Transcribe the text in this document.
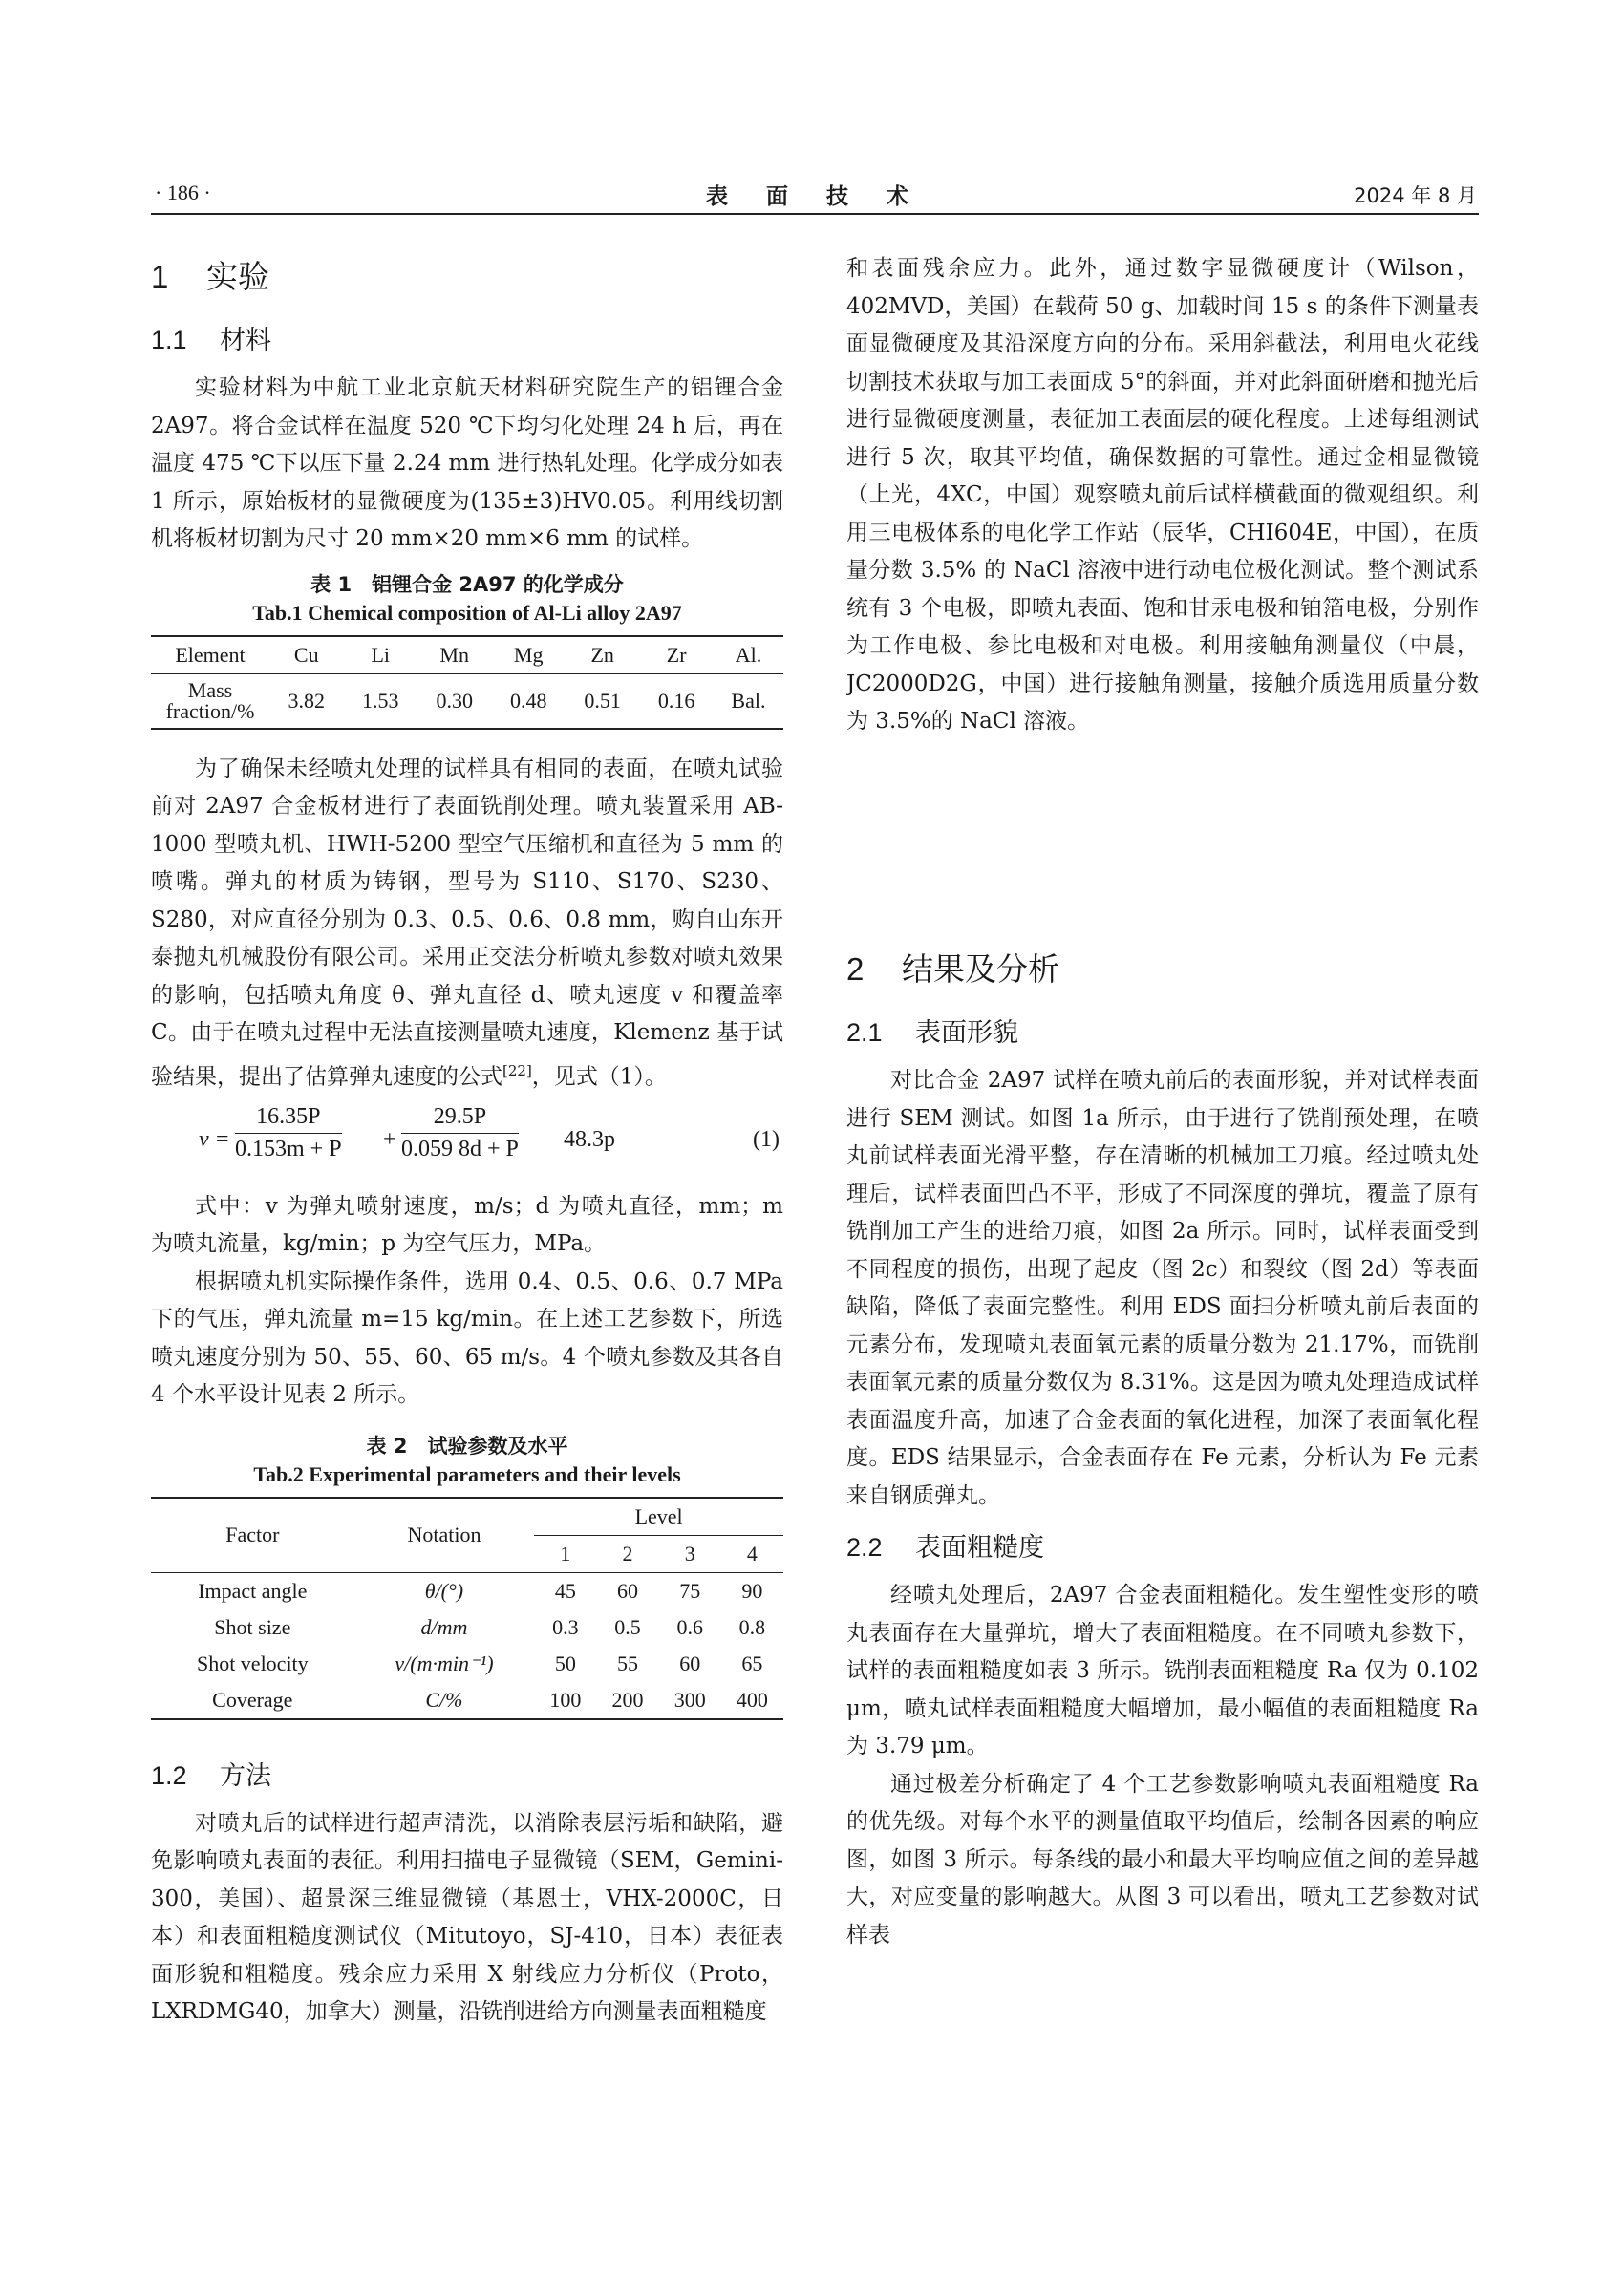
· 186 ·	表 面 技 术	2024 年 8 月
1 实验
1.1 材料

实验材料为中航工业北京航天材料研究院生产的铝锂合金 2A97。将合金试样在温度 520 ℃下均匀化处理 24 h 后，再在温度 475 ℃下以压下量 2.24 mm 进行热轧处理。化学成分如表 1 所示，原始板材的显微硬度为(135±3)HV0.05。利用线切割机将板材切割为尺寸 20 mm×20 mm×6 mm 的试样。

表 1　铝锂合金 2A97 的化学成分
Tab.1 Chemical composition of Al-Li alloy 2A97
Element	Cu	Li	Mn	Mg	Zn	Zr	Al.
Mass fraction/%	3.82	1.53	0.30	0.48	0.51	0.16	Bal.

为了确保未经喷丸处理的试样具有相同的表面，在喷丸试验前对 2A97 合金板材进行了表面铣削处理。喷丸装置采用 AB-1000 型喷丸机、HWH-5200 型空气压缩机和直径为 5 mm 的喷嘴。弹丸的材质为铸钢，型号为 S110、S170、S230、S280，对应直径分别为 0.3、0.5、0.6、0.8 mm，购自山东开泰抛丸机械股份有限公司。采用正交法分析喷丸参数对喷丸效果的影响，包括喷丸角度 θ、弹丸直径 d、喷丸速度 v 和覆盖率 C。由于在喷丸过程中无法直接测量喷丸速度，Klemenz 基于试验结果，提出了估算弹丸速度的公式[22]，见式（1）。

$v = \frac{16.35P}{0.153m + P} + \frac{29.5P}{0.059 8d + P} 48.3p$	(1)

式中：v 为弹丸喷射速度，m/s；d 为喷丸直径，mm；m 为喷丸流量，kg/min；p 为空气压力，MPa。

根据喷丸机实际操作条件，选用 0.4、0.5、0.6、0.7 MPa 下的气压，弹丸流量 m=15 kg/min。在上述工艺参数下，所选喷丸速度分别为 50、55、60、65 m/s。4 个喷丸参数及其各自 4 个水平设计见表 2 所示。

表 2　试验参数及水平
Tab.2 Experimental parameters and their levels
Factor	Notation	Level			
		1	2	3	4
Impact angle	θ/(°)	45	60	75	90
Shot size	d/mm	0.3	0.5	0.6	0.8
Shot velocity	v/(m·min⁻¹)	50	55	60	65
Coverage	C/%	100	200	300	400
1.2 方法

对喷丸后的试样进行超声清洗，以消除表层污垢和缺陷，避免影响喷丸表面的表征。利用扫描电子显微镜（SEM，Gemini-300，美国）、超景深三维显微镜（基恩士，VHX-2000C，日本）和表面粗糙度测试仪（Mitutoyo，SJ-410，日本）表征表面形貌和粗糙度。残余应力采用 X 射线应力分析仪（Proto，LXRDMG40，加拿大）测量，沿铣削进给方向测量表面粗糙度

和表面残余应力。此外，通过数字显微硬度计（Wilson，402MVD，美国）在载荷 50 g、加载时间 15 s 的条件下测量表面显微硬度及其沿深度方向的分布。采用斜截法，利用电火花线切割技术获取与加工表面成 5°的斜面，并对此斜面研磨和抛光后进行显微硬度测量，表征加工表面层的硬化程度。上述每组测试进行 5 次，取其平均值，确保数据的可靠性。通过金相显微镜（上光，4XC，中国）观察喷丸前后试样横截面的微观组织。利用三电极体系的电化学工作站（辰华，CHI604E，中国），在质量分数 3.5% 的 NaCl 溶液中进行动电位极化测试。整个测试系统有 3 个电极，即喷丸表面、饱和甘汞电极和铂箔电极，分别作为工作电极、参比电极和对电极。利用接触角测量仪（中晨，JC2000D2G，中国）进行接触角测量，接触介质选用质量分数为 3.5%的 NaCl 溶液。

2 结果及分析
2.1 表面形貌

对比合金 2A97 试样在喷丸前后的表面形貌，并对试样表面进行 SEM 测试。如图 1a 所示，由于进行了铣削预处理，在喷丸前试样表面光滑平整，存在清晰的机械加工刀痕。经过喷丸处理后，试样表面凹凸不平，形成了不同深度的弹坑，覆盖了原有铣削加工产生的进给刀痕，如图 2a 所示。同时，试样表面受到不同程度的损伤，出现了起皮（图 2c）和裂纹（图 2d）等表面缺陷，降低了表面完整性。利用 EDS 面扫分析喷丸前后表面的元素分布，发现喷丸表面氧元素的质量分数为 21.17%，而铣削表面氧元素的质量分数仅为 8.31%。这是因为喷丸处理造成试样表面温度升高，加速了合金表面的氧化进程，加深了表面氧化程度。EDS 结果显示，合金表面存在 Fe 元素，分析认为 Fe 元素来自钢质弹丸。

2.2 表面粗糙度

经喷丸处理后，2A97 合金表面粗糙化。发生塑性变形的喷丸表面存在大量弹坑，增大了表面粗糙度。在不同喷丸参数下，试样的表面粗糙度如表 3 所示。铣削表面粗糙度 Ra 仅为 0.102 μm，喷丸试样表面粗糙度大幅增加，最小幅值的表面粗糙度 Ra 为 3.79 μm。

通过极差分析确定了 4 个工艺参数影响喷丸表面粗糙度 Ra 的优先级。对每个水平的测量值取平均值后，绘制各因素的响应图，如图 3 所示。每条线的最小和最大平均响应值之间的差异越大，对应变量的影响越大。从图 3 可以看出，喷丸工艺参数对试样表
